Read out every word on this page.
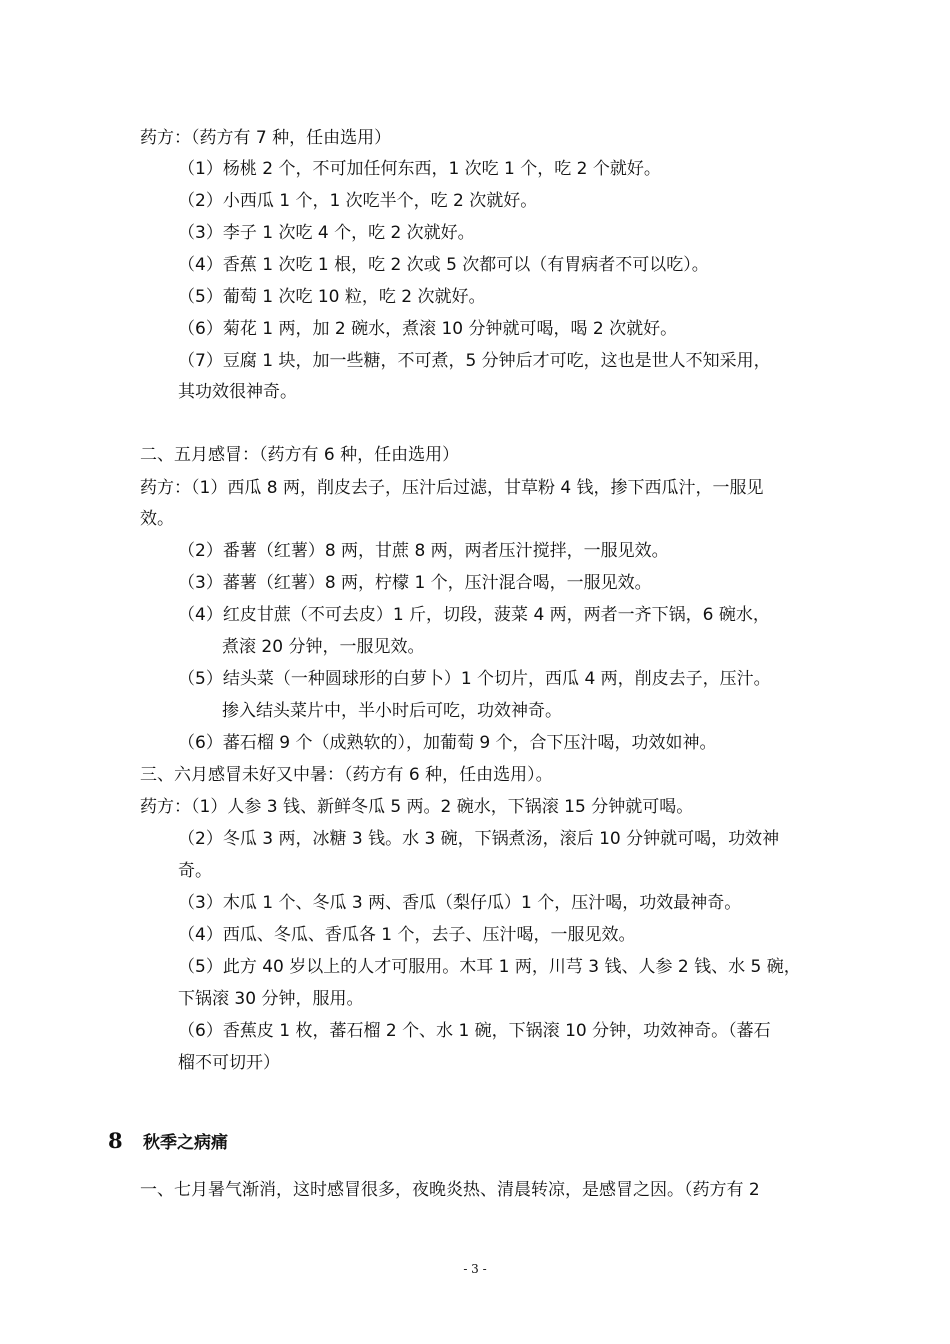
药方：（药方有 7 种，任由选用）
（1）杨桃 2 个，不可加任何东西，1 次吃 1 个，吃 2 个就好。
（2）小西瓜 1 个，1 次吃半个，吃 2 次就好。
（3）李子 1 次吃 4 个，吃 2 次就好。
（4）香蕉 1 次吃 1 根，吃 2 次或 5 次都可以（有胃病者不可以吃）。
（5）葡萄 1 次吃 10 粒，吃 2 次就好。
（6）菊花 1 两，加 2 碗水，煮滚 10 分钟就可喝，喝 2 次就好。
（7）豆腐 1 块，加一些糖，不可煮，5 分钟后才可吃，这也是世人不知采用，
其功效很神奇。
二、五月感冒：（药方有 6 种，任由选用）
药方：（1）西瓜 8 两，削皮去子，压汁后过滤，甘草粉 4 钱，掺下西瓜汁，一服见
效。
（2）番薯（红薯）8 两，甘蔗 8 两，两者压汁搅拌，一服见效。
（3）蕃薯（红薯）8 两，柠檬 1 个，压汁混合喝，一服见效。
（4）红皮甘蔗（不可去皮）1 斤，切段，菠菜 4 两，两者一齐下锅，6 碗水，
煮滚 20 分钟，一服见效。
（5）结头菜（一种圆球形的白萝卜）1 个切片，西瓜 4 两，削皮去子，压汁。
掺入结头菜片中，半小时后可吃，功效神奇。
（6）蕃石榴 9 个（成熟软的），加葡萄 9 个，合下压汁喝，功效如神。
三、六月感冒未好又中暑：（药方有 6 种，任由选用）。
药方：（1）人参 3 钱、新鲜冬瓜 5 两。2 碗水，下锅滚 15 分钟就可喝。
（2）冬瓜 3 两，冰糖 3 钱。水 3 碗，下锅煮汤，滚后 10 分钟就可喝，功效神
奇。
（3）木瓜 1 个、冬瓜 3 两、香瓜（梨仔瓜）1 个，压汁喝，功效最神奇。
（4）西瓜、冬瓜、香瓜各 1 个，去子、压汁喝，一服见效。
（5）此方 40 岁以上的人才可服用。木耳 1 两，川芎 3 钱、人参 2 钱、水 5 碗，
下锅滚 30 分钟，服用。
（6）香蕉皮 1 枚，蕃石榴 2 个、水 1 碗，下锅滚 10 分钟，功效神奇。（蕃石
榴不可切开）
一、七月暑气渐消，这时感冒很多，夜晚炎热、清晨转凉，是感冒之因。（药方有 2
8 秋季之病痛
- 3 -
